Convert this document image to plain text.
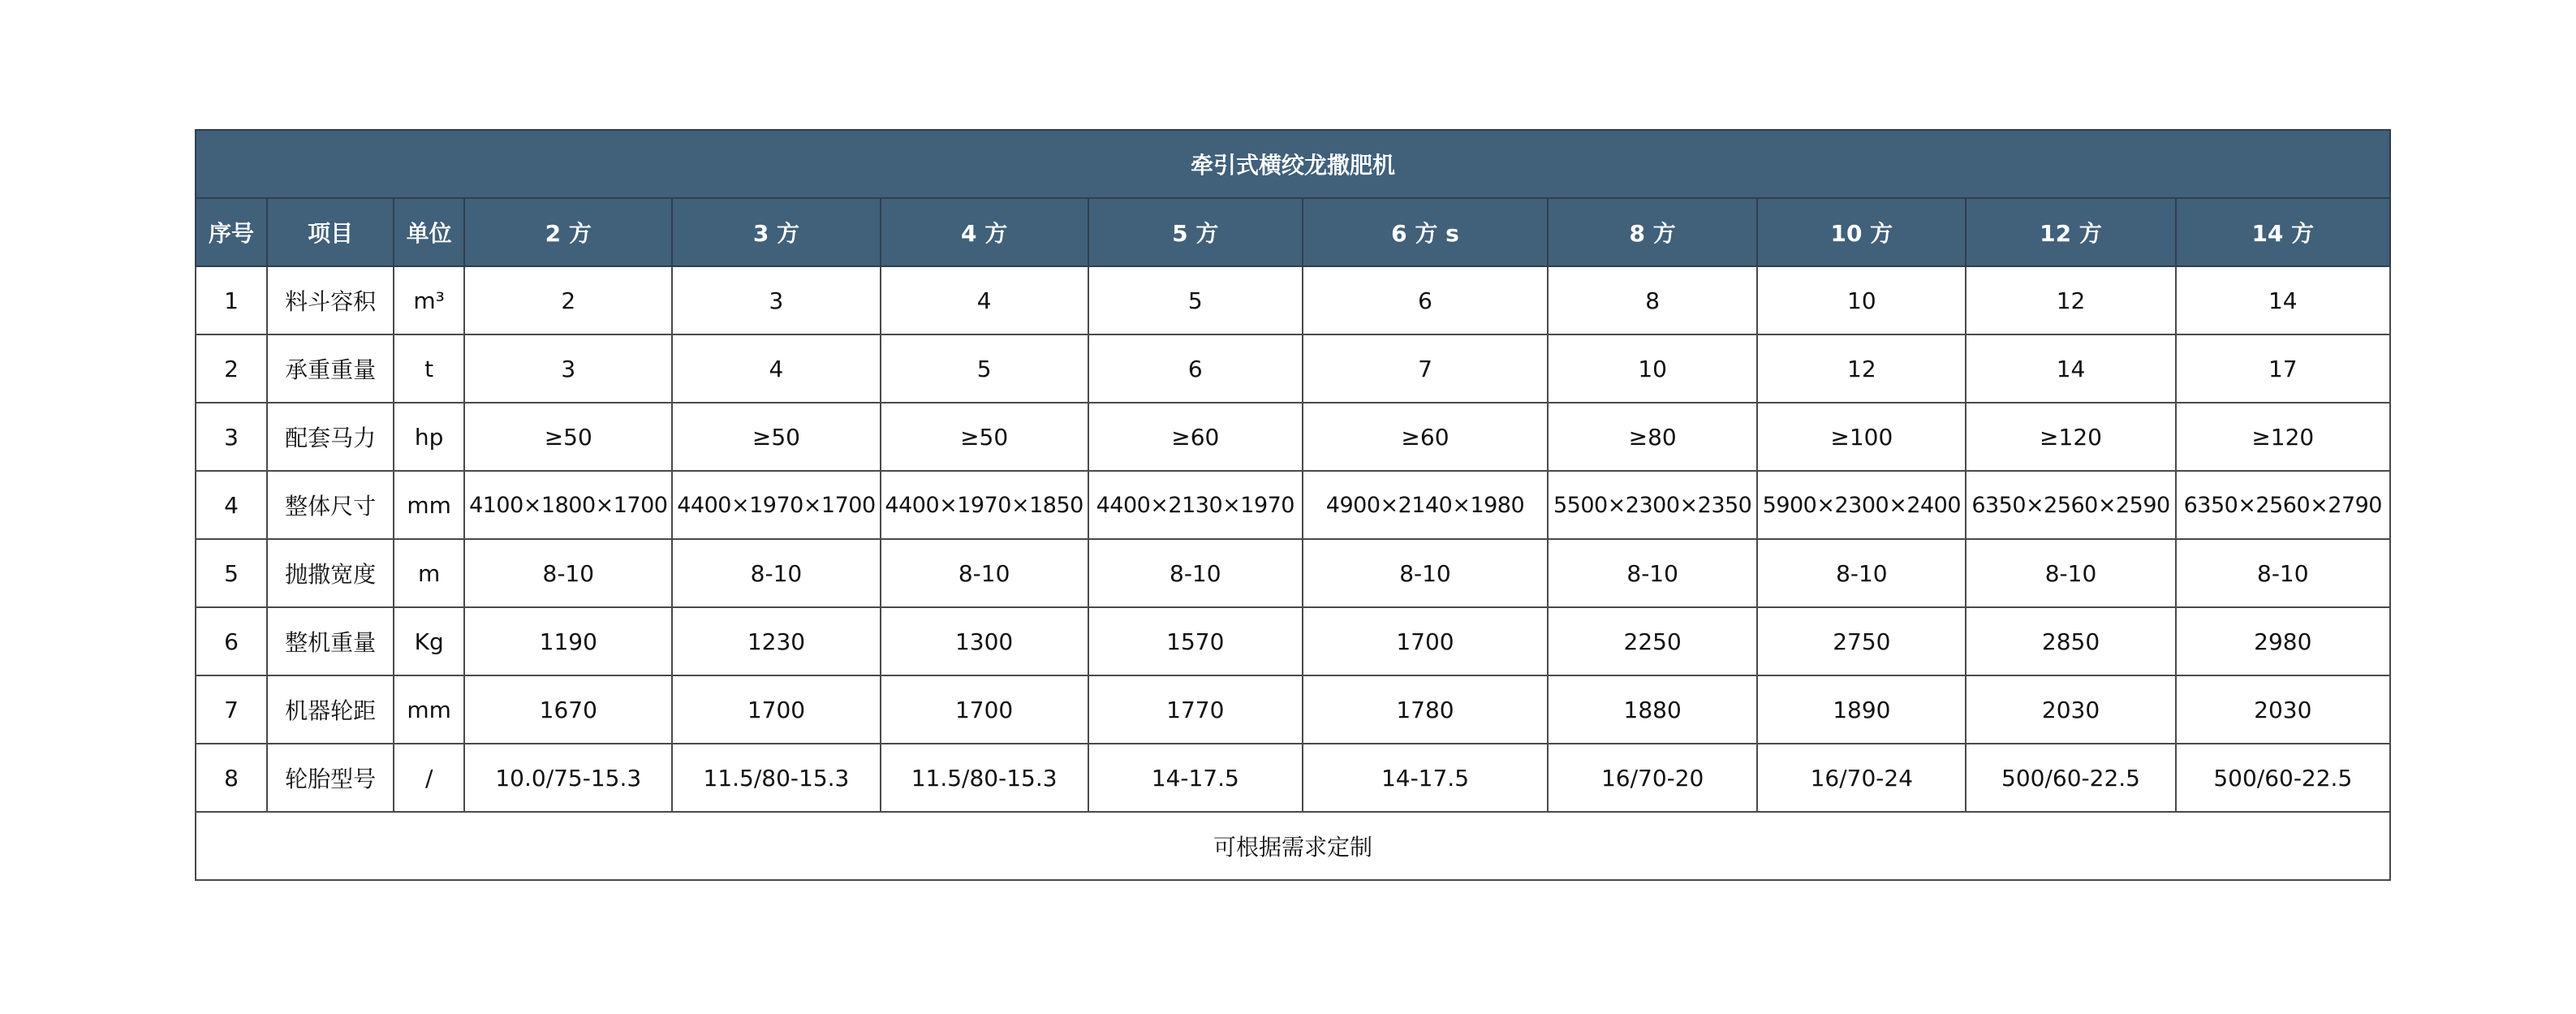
牵引式横绞龙撒肥机											
序号	项目	单位	2 方	3 方	4 方	5 方	6 方 s	8 方	10 方	12 方	14 方
1	料斗容积	m³	2	3	4	5	6	8	10	12	14
2	承重重量	t	3	4	5	6	7	10	12	14	17
3	配套马力	hp	≥50	≥50	≥50	≥60	≥60	≥80	≥100	≥120	≥120
4	整体尺寸	mm	4100×1800×1700	4400×1970×1700	4400×1970×1850	4400×2130×1970	4900×2140×1980	5500×2300×2350	5900×2300×2400	6350×2560×2590	6350×2560×2790
5	抛撒宽度	m	8-10	8-10	8-10	8-10	8-10	8-10	8-10	8-10	8-10
6	整机重量	Kg	1190	1230	1300	1570	1700	2250	2750	2850	2980
7	机器轮距	mm	1670	1700	1700	1770	1780	1880	1890	2030	2030
8	轮胎型号	/	10.0/75-15.3	11.5/80-15.3	11.5/80-15.3	14-17.5	14-17.5	16/70-20	16/70-24	500/60-22.5	500/60-22.5
可根据需求定制											
